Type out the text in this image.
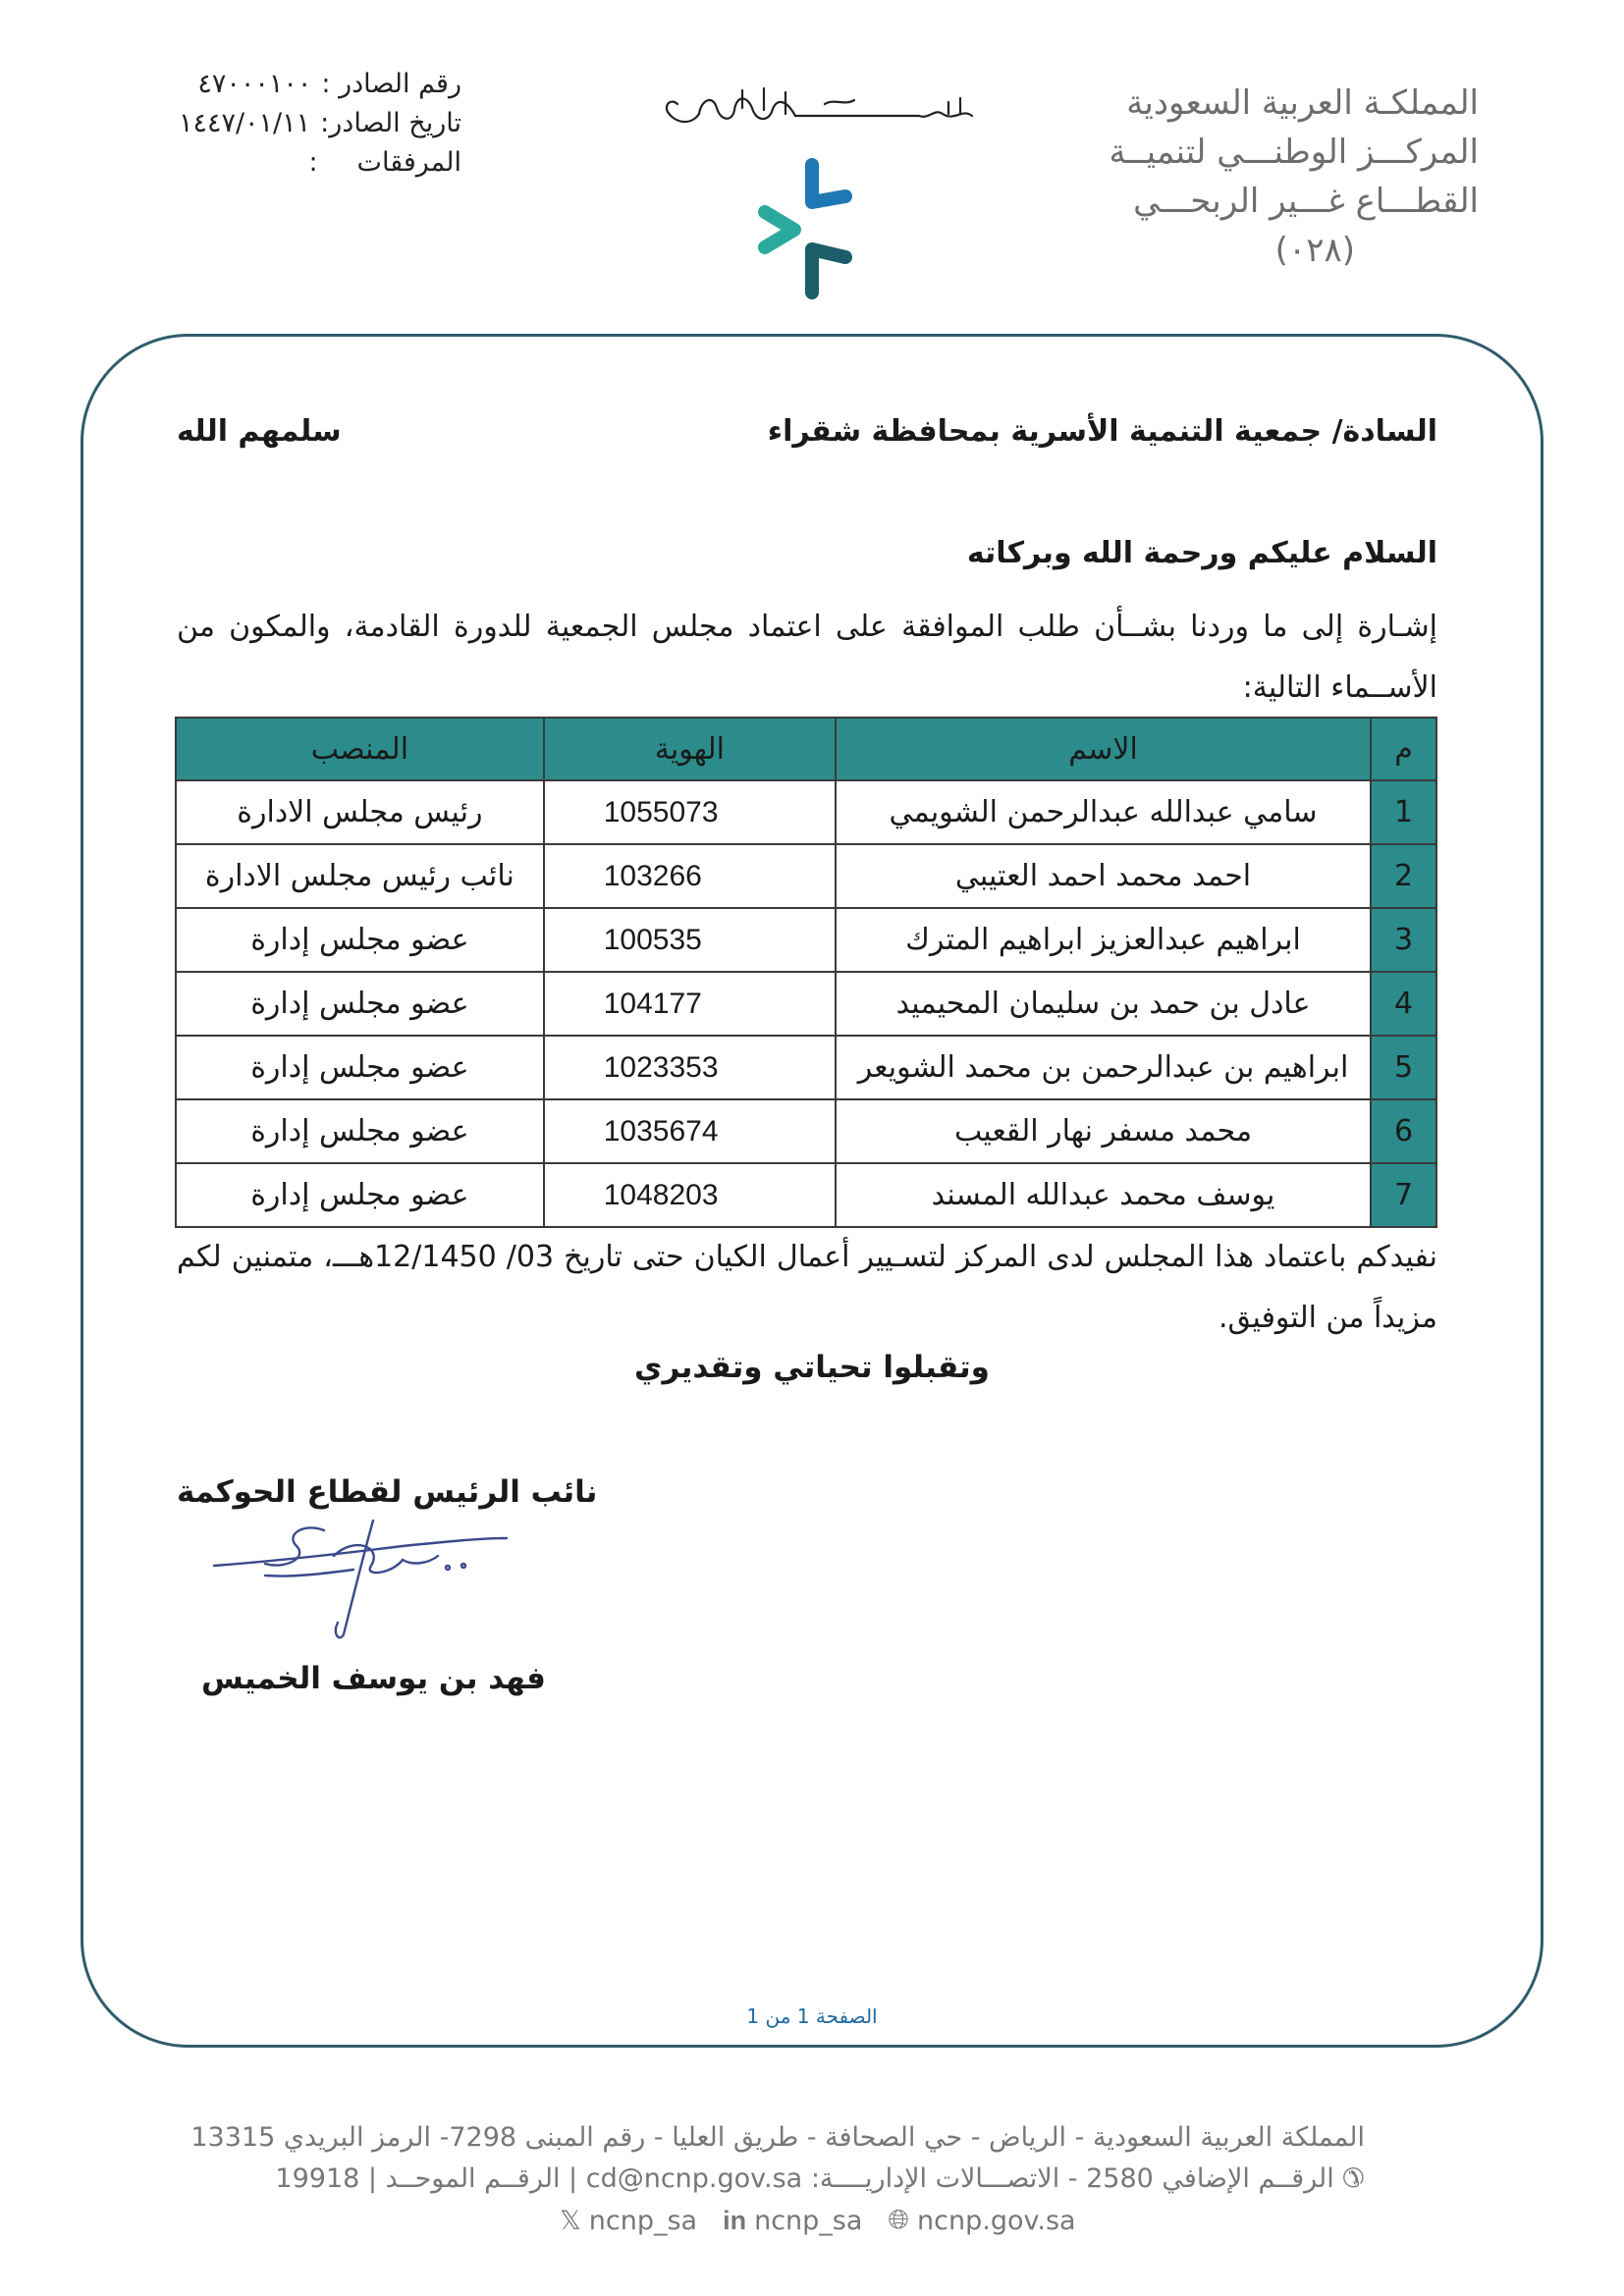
المملكـة العربية السعودية
المركـــز الوطنـــي لتنميــة
القطـــاع غـــير الربحـــي
(٠٢٨)
رقم الصادر :
٤٧٠٠٠١٠٠
تاريخ الصادر:
١٤٤٧/٠١/١١
المرفقات
:
السادة/ جمعية التنمية الأسرية بمحافظة شقراء
سلمهم الله
السلام عليكم ورحمة الله وبركاته
إشـارة إلى ما وردنا بشــأن طلب الموافقة على اعتماد مجلس الجمعية للدورة القادمة، والمكون من الأســماء التالية:
م	الاسم	الهوية	المنصب
1	سامي عبدالله عبدالرحمن الشويمي	1055073	رئيس مجلس الادارة
2	احمد محمد احمد العتيبي	103266	نائب رئيس مجلس الادارة
3	ابراهيم عبدالعزيز ابراهيم المترك	100535	عضو مجلس إدارة
4	عادل بن حمد بن سليمان المحيميد	104177	عضو مجلس إدارة
5	ابراهيم بن عبدالرحمن بن محمد الشويعر	1023353	عضو مجلس إدارة
6	محمد مسفر نهار القعيب	1035674	عضو مجلس إدارة
7	يوسف محمد عبدالله المسند	1048203	عضو مجلس إدارة
نفيدكم باعتماد هذا المجلس لدى المركز لتسـيير أعمال الكيان حتى تاريخ 03/ 12/1450هـــ، متمنين لكم مزيداً من التوفيق.
وتقبلوا تحياتي وتقديري
نائب الرئيس لقطاع الحوكمة
فهد بن يوسف الخميس
الصفحة 1 من 1
المملكة العربية السعودية - الرياض - حي الصحافة - طريق العليا - رقم المبنى 7298- الرمز البريدي 13315
✆ الرقــم الإضافي 2580 - الاتصـــالات الإداريــــة: cd@ncnp.gov.sa | الرقــم الموحــد | 19918
𝕏 ncnp_sa in ncnp_sa 🌐︎ ncnp.gov.sa
